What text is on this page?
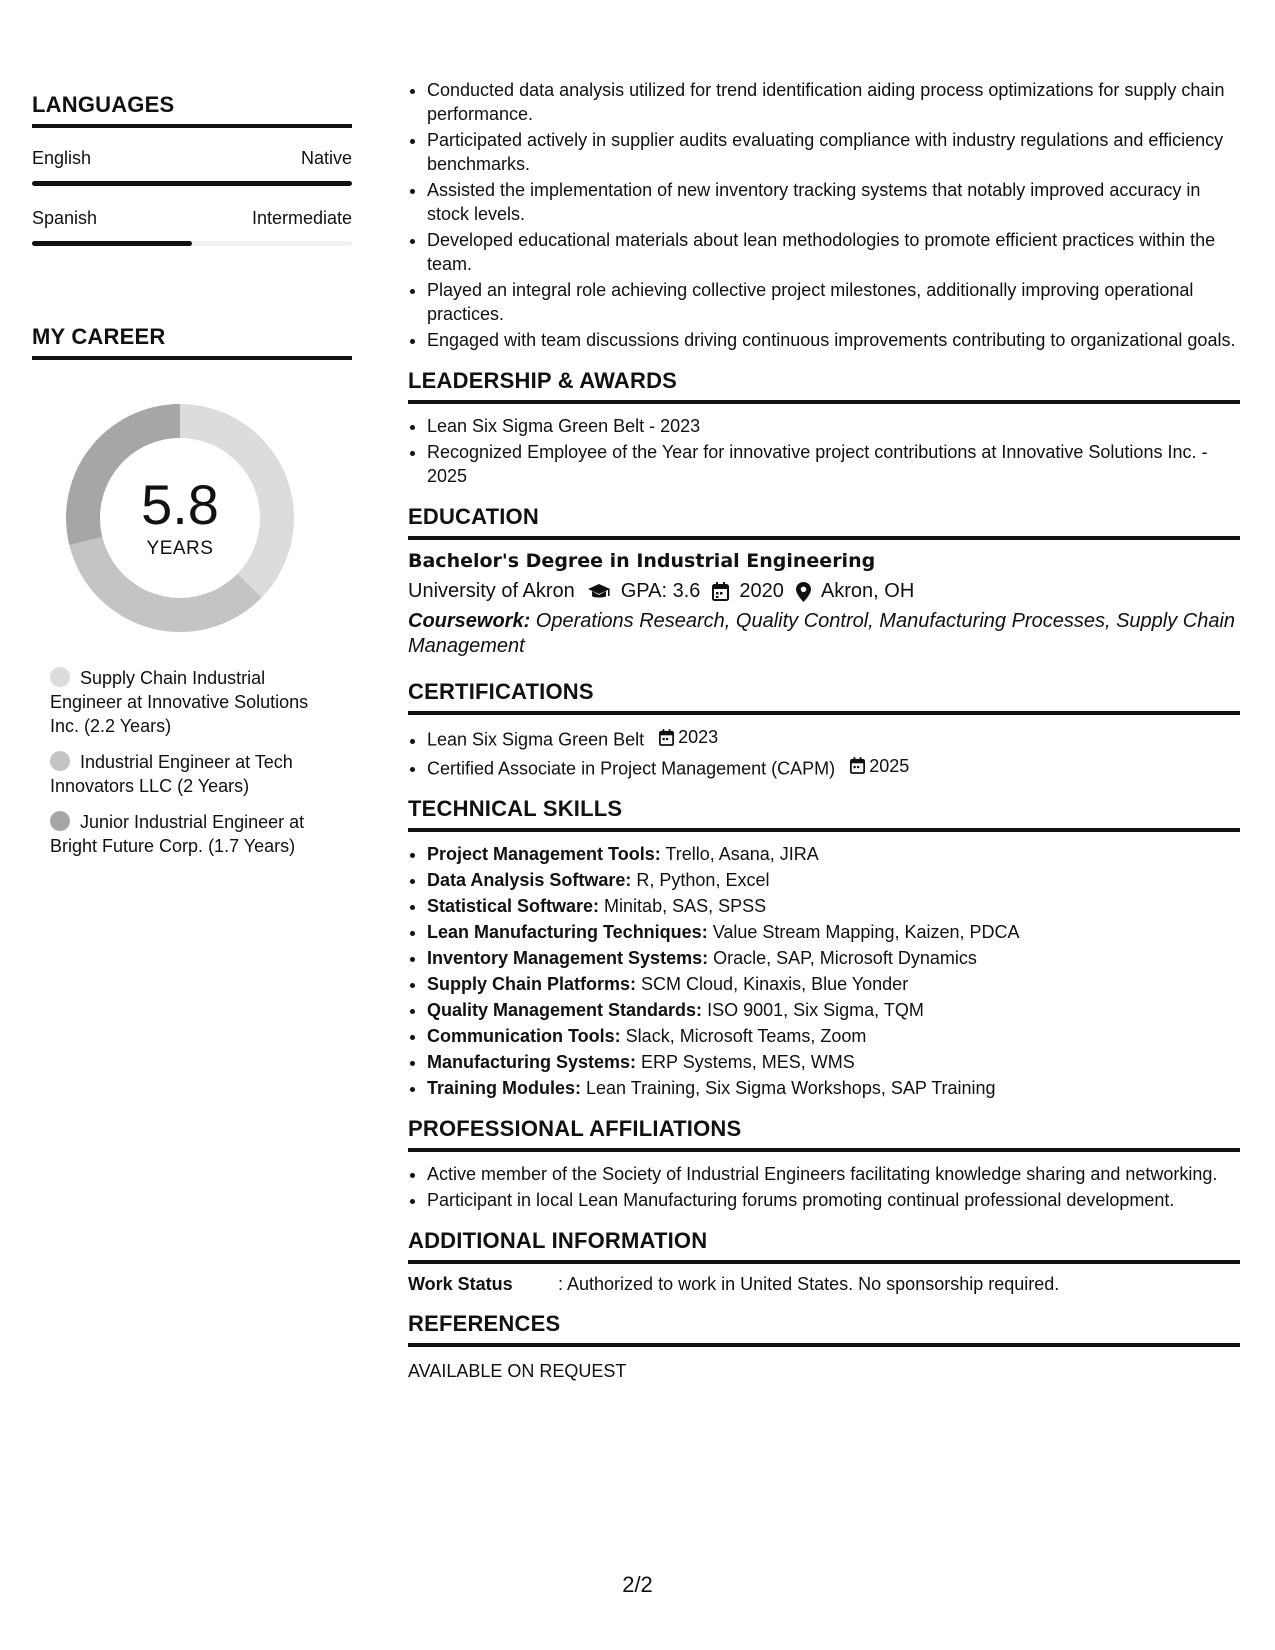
LANGUAGES
English	Native
Spanish	Intermediate
MY CAREER
5.8
YEARS
Supply Chain Industrial Engineer at Innovative Solutions Inc. (2.2 Years)
Industrial Engineer at Tech Innovators LLC (2 Years)
Junior Industrial Engineer at Bright Future Corp. (1.7 Years)
• Conducted data analysis utilized for trend identification aiding process optimizations for supply chain performance.
• Participated actively in supplier audits evaluating compliance with industry regulations and efficiency benchmarks.
• Assisted the implementation of new inventory tracking systems that notably improved accuracy in stock levels.
• Developed educational materials about lean methodologies to promote efficient practices within the team.
• Played an integral role achieving collective project milestones, additionally improving operational practices.
• Engaged with team discussions driving continuous improvements contributing to organizational goals.
LEADERSHIP & AWARDS
• Lean Six Sigma Green Belt - 2023
• Recognized Employee of the Year for innovative project contributions at Innovative Solutions Inc. - 2025
EDUCATION
Bachelor's Degree in Industrial Engineering
University of Akron GPA: 3.6 2020 Akron, OH
Coursework: Operations Research, Quality Control, Manufacturing Processes, Supply Chain Management
CERTIFICATIONS
• Lean Six Sigma Green Belt 2023
• Certified Associate in Project Management (CAPM) 2025
TECHNICAL SKILLS
• Project Management Tools: Trello, Asana, JIRA
• Data Analysis Software: R, Python, Excel
• Statistical Software: Minitab, SAS, SPSS
• Lean Manufacturing Techniques: Value Stream Mapping, Kaizen, PDCA
• Inventory Management Systems: Oracle, SAP, Microsoft Dynamics
• Supply Chain Platforms: SCM Cloud, Kinaxis, Blue Yonder
• Quality Management Standards: ISO 9001, Six Sigma, TQM
• Communication Tools: Slack, Microsoft Teams, Zoom
• Manufacturing Systems: ERP Systems, MES, WMS
• Training Modules: Lean Training, Six Sigma Workshops, SAP Training
PROFESSIONAL AFFILIATIONS
• Active member of the Society of Industrial Engineers facilitating knowledge sharing and networking.
• Participant in local Lean Manufacturing forums promoting continual professional development.
ADDITIONAL INFORMATION
Work Status	: Authorized to work in United States. No sponsorship required.
REFERENCES
AVAILABLE ON REQUEST
2/2
